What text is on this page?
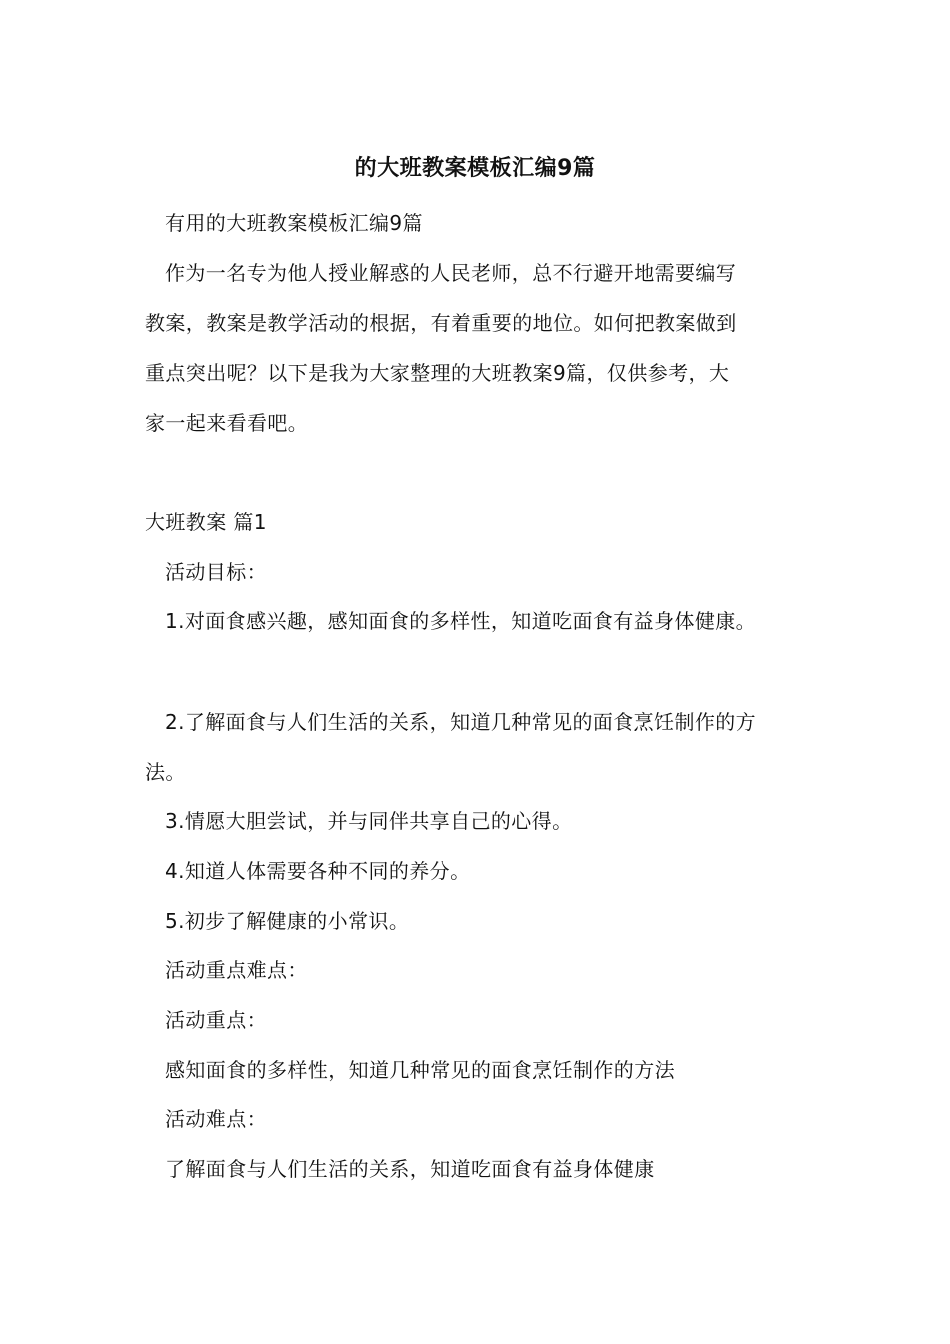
的大班教案模板汇编9篇
有用的大班教案模板汇编9篇
作为一名专为他人授业解惑的人民老师，总不行避开地需要编写
教案，教案是教学活动的根据，有着重要的地位。如何把教案做到
重点突出呢？以下是我为大家整理的大班教案9篇，仅供参考，大
家一起来看看吧。
大班教案 篇1
活动目标：
1.对面食感兴趣，感知面食的多样性，知道吃面食有益身体健康。
2.了解面食与人们生活的关系，知道几种常见的面食烹饪制作的方
法。
3.情愿大胆尝试，并与同伴共享自己的心得。
4.知道人体需要各种不同的养分。
5.初步了解健康的小常识。
活动重点难点：
活动重点：
感知面食的多样性，知道几种常见的面食烹饪制作的方法
活动难点：
了解面食与人们生活的关系，知道吃面食有益身体健康
